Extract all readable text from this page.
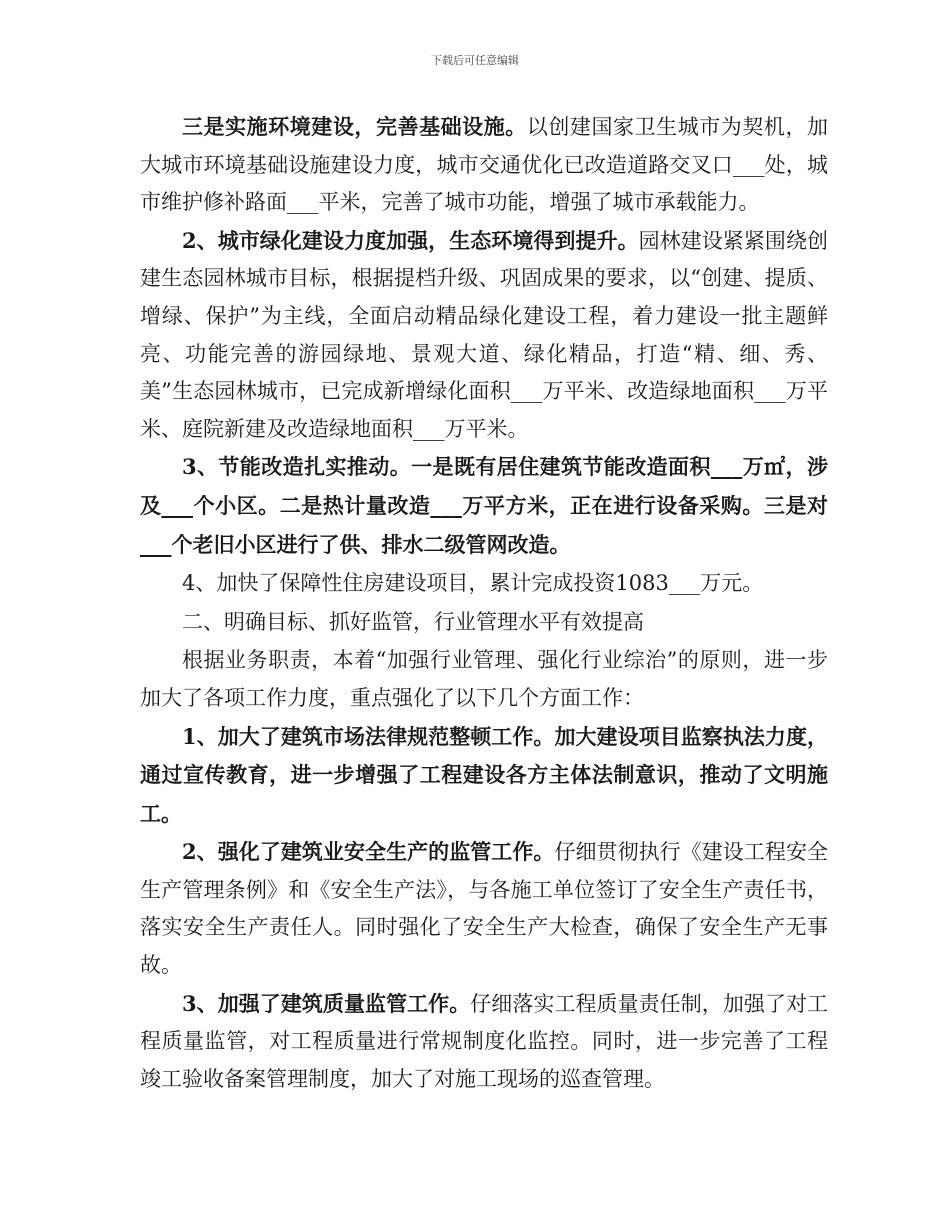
下载后可任意编辑

三是实施环境建设，完善基础设施。以创建国家卫生城市为契机，加大城市环境基础设施建设力度，城市交通优化已改造道路交叉口___处，城市维护修补路面___平米，完善了城市功能，增强了城市承载能力。

2、城市绿化建设力度加强，生态环境得到提升。园林建设紧紧围绕创建生态园林城市目标，根据提档升级、巩固成果的要求，以“创建、提质、增绿、保护”为主线，全面启动精品绿化建设工程，着力建设一批主题鲜亮、功能完善的游园绿地、景观大道、绿化精品，打造“精、细、秀、美”生态园林城市，已完成新增绿化面积___万平米、改造绿地面积___万平米、庭院新建及改造绿地面积___万平米。

3、节能改造扎实推动。一是既有居住建筑节能改造面积___万㎡，涉及___个小区。二是热计量改造___万平方米，正在进行设备采购。三是对___个老旧小区进行了供、排水二级管网改造。

4、加快了保障性住房建设项目，累计完成投资1083___万元。

二、明确目标、抓好监管，行业管理水平有效提高

根据业务职责，本着“加强行业管理、强化行业综治”的原则，进一步加大了各项工作力度，重点强化了以下几个方面工作：

1、加大了建筑市场法律规范整顿工作。加大建设项目监察执法力度，通过宣传教育，进一步增强了工程建设各方主体法制意识，推动了文明施工。

2、强化了建筑业安全生产的监管工作。仔细贯彻执行《建设工程安全生产管理条例》和《安全生产法》，与各施工单位签订了安全生产责任书，落实安全生产责任人。同时强化了安全生产大检查，确保了安全生产无事故。

3、加强了建筑质量监管工作。仔细落实工程质量责任制，加强了对工程质量监管，对工程质量进行常规制度化监控。同时，进一步完善了工程竣工验收备案管理制度，加大了对施工现场的巡查管理。
